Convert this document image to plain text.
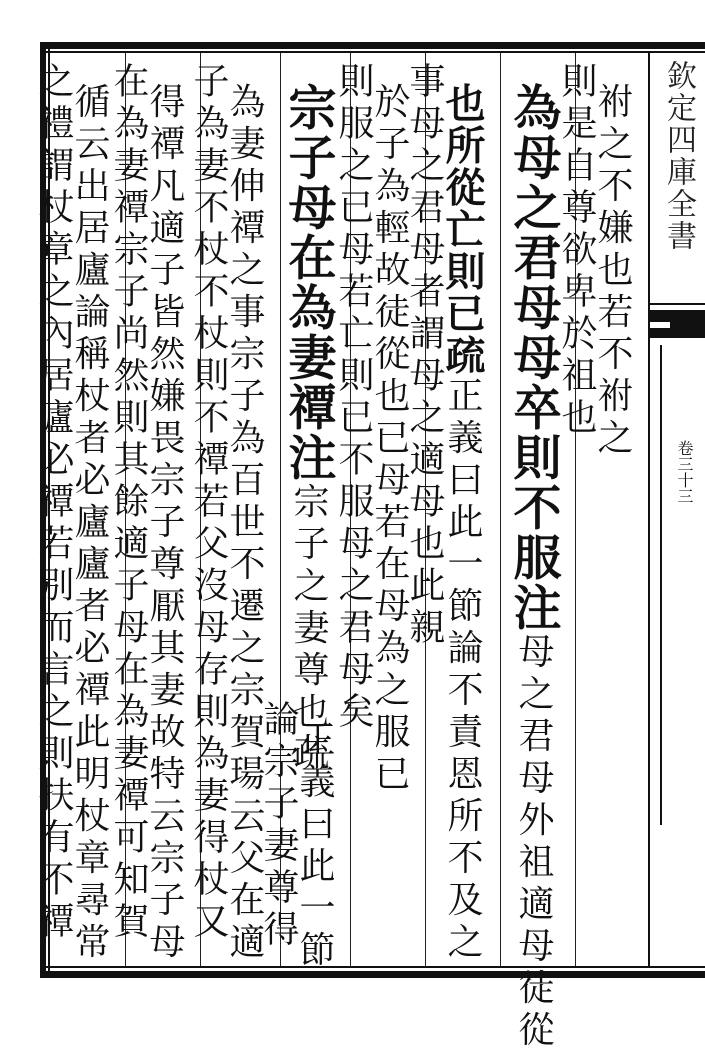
欽定四庫全書
卷三十三

祔之不嫌也若不祔之
則是自尊欲卑於祖也

為母之君母母卒則不服注母之君母外祖適母徒從

也所從亡則已疏正義曰此一節論不責恩所不及之
事母之君母者謂母之適母也此親

於子為輕故徒從也已母若在母為之服已
則服之已母若亡則已不服母之君母矣

宗子母在為妻禫注宗子之妻尊也疏

正義曰此一節
論宗子妻尊得

為妻伸禫之事宗子為百世不遷之宗賀瑒云父在適
子為妻不杖不杖則不禫若父沒母存則為妻得杖又

得禫凡適子皆然嫌畏宗子尊厭其妻故特云宗子母
在為妻禫宗子尚然則其餘適子母在為妻禫可知賀

循云出居廬論稱杖者必廬廬者必禫此明杖章尋常
之禮謂杖章之內居廬必禫若別而言之則扶有不禫
